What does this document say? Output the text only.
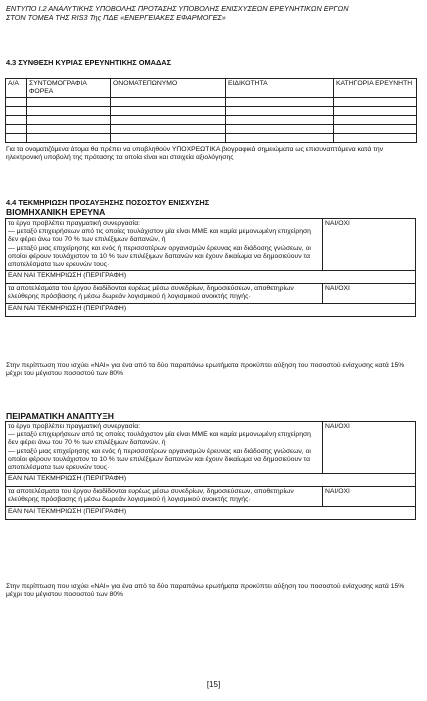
ΕΝΤΥΠΟ Ι.2 ΑΝΑΛΥΤΙΚΗΣ ΥΠΟΒΟΛΗΣ ΠΡΟΤΑΣΗΣ ΥΠΟΒΟΛΗΣ ΕΝΙΣΧΥΣΕΩΝ ΕΡΕΥΝΗΤΙΚΩΝ ΕΡΓΩΝ
ΣΤΟΝ ΤΟΜΕΑ ΤΗΣ RIS3 Της ΠΔΕ «ΕΝΕΡΓΕΙΑΚΕΣ ΕΦΑΡΜΟΓΕΣ»
4.3 ΣΥΝΘΕΣΗ ΚΥΡΙΑΣ ΕΡΕΥΝΗΤΙΚΗΣ ΟΜΑΔΑΣ
Α/Α	ΣΥΝΤΟΜΟΓΡΑΦΙΑ ΦΟΡΕΑ	ΟΝΟΜΑΤΕΠΩΝΥΜΟ	ΕΙΔΙΚΟΤΗΤΑ	ΚΑΤΗΓΟΡΙΑ ΕΡΕΥΝΗΤΗ

Για τα ονοματιζόμενα άτομα θα πρέπει να υποβληθούν ΥΠΟΧΡΕΩΤΙΚΑ βιογραφικά σημειώματα ως επισυναπτόμενα κατά την ηλεκτρονική υποβολή της πρότασης τα οποία είναι και στοιχεία αξιολόγησης
4.4 ΤΕΚΜΗΡΙΩΣΗ ΠΡΟΣΑΥΞΗΣΗΣ ΠΟΣΟΣΤΟΥ ΕΝΙΣΧΥΣΗΣ
ΒΙΟΜΗΧΑΝΙΚΗ ΕΡΕΥΝΑ
το έργο προβλέπει πραγματική συνεργασία:
— μεταξύ επιχειρήσεων από τις οποίες τουλάχιστον μία είναι ΜΜΕ και καμία μεμονωμένη επιχείρηση δεν φέρει άνω του 70 % των επιλέξιμων δαπανών, ή
— μεταξύ μιας επιχείρησης και ενός ή περισσοτέρων οργανισμών έρευνας και διάδοσης γνώσεων, οι οποίοι φέρουν τουλάχιστον το 10 % των επιλέξιμων δαπανών και έχουν δικαίωμα να δημοσιεύουν τα αποτελέσματα των ερευνών τους·	ΝΑΙ/ΟΧΙ
ΕΑΝ ΝΑΙ ΤΕΚΜΗΡΙΩΣΗ (ΠΕΡΙΓΡΑΦΗ)	
τα αποτελέσματα του έργου διαδίδονται ευρέως μέσω συνεδρίων, δημοσιεύσεων, αποθετηρίων ελεύθερης πρόσβασης ή μέσω δωρεάν λογισμικού ή λογισμικού ανοικτής πηγής·	ΝΑΙ/ΟΧΙ
ΕΑΝ ΝΑΙ ΤΕΚΜΗΡΙΩΣΗ (ΠΕΡΙΓΡΑΦΗ)	
Στην περίπτωση που ισχύει «ΝΑΙ» για ένα από τα δύο παραπάνω ερωτήματα προκύπτει αύξηση του ποσοστού ενίσχυσης κατά 15% μέχρι του μέγιστου ποσοστού των 80%
ΠΕΙΡΑΜΑΤΙΚΗ ΑΝΑΠΤΥΞΗ
το έργο προβλέπει πραγματική συνεργασία:
— μεταξύ επιχειρήσεων από τις οποίες τουλάχιστον μία είναι ΜΜΕ και καμία μεμονωμένη επιχείρηση δεν φέρει άνω του 70 % των επιλέξιμων δαπανών, ή
— μεταξύ μιας επιχείρησης και ενός ή περισσοτέρων οργανισμών έρευνας και διάδοσης γνώσεων, οι οποίοι φέρουν τουλάχιστον το 10 % των επιλέξιμων δαπανών και έχουν δικαίωμα να δημοσιεύουν τα αποτελέσματα των ερευνών τους·	ΝΑΙ/ΟΧΙ
ΕΑΝ ΝΑΙ ΤΕΚΜΗΡΙΩΣΗ (ΠΕΡΙΓΡΑΦΗ)	
τα αποτελέσματα του έργου διαδίδονται ευρέως μέσω συνεδρίων, δημοσιεύσεων, αποθετηρίων ελεύθερης πρόσβασης ή μέσω δωρεάν λογισμικού ή λογισμικού ανοικτής πηγής·	ΝΑΙ/ΟΧΙ
ΕΑΝ ΝΑΙ ΤΕΚΜΗΡΙΩΣΗ (ΠΕΡΙΓΡΑΦΗ)	
Στην περίπτωση που ισχύει «ΝΑΙ» για ένα από τα δύο παραπάνω ερωτήματα προκύπτει αύξηση του ποσοστού ενίσχυσης κατά 15% μέχρι του μέγιστου ποσοστού των 80%
[15]
